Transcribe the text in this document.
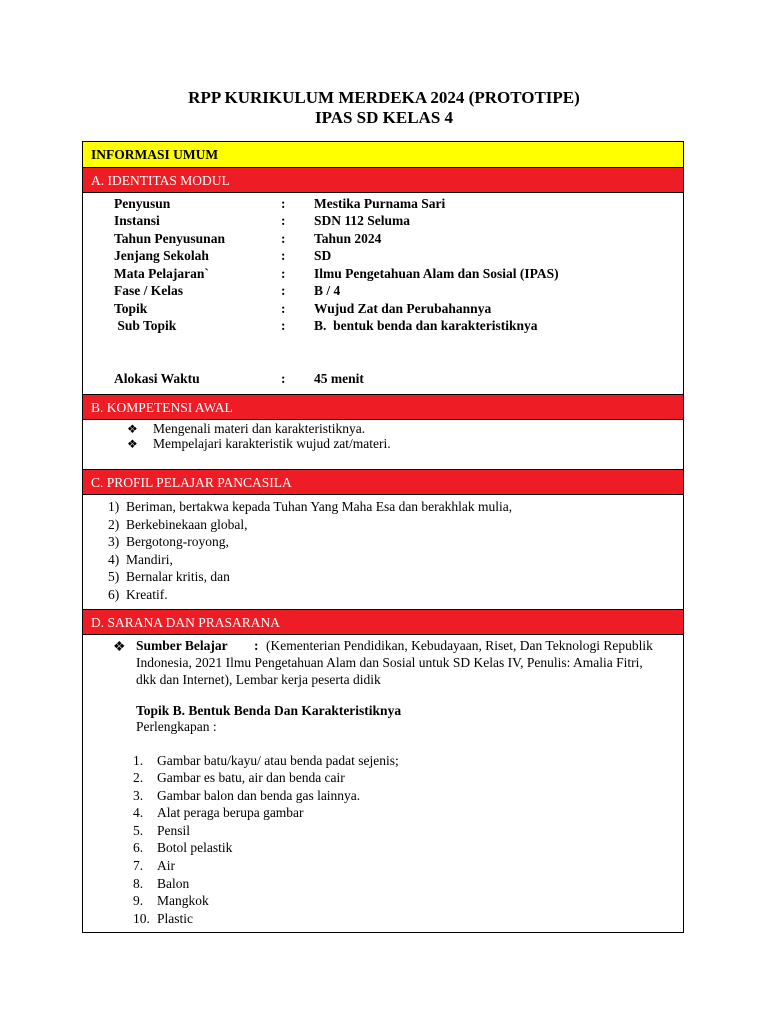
RPP KURIKULUM MERDEKA 2024 (PROTOTIPE)
IPAS SD KELAS 4
INFORMASI UMUM
A. IDENTITAS MODUL
Penyusun	: Mestika Purnama Sari
Instansi	: SDN 112 Seluma
Tahun Penyusunan	: Tahun 2024
Jenjang Sekolah	: SD
Mata Pelajaran`	: Ilmu Pengetahuan Alam dan Sosial (IPAS)
Fase / Kelas	: B / 4
Topik	: Wujud Zat dan Perubahannya
Sub Topik	: B.  bentuk benda dan karakteristiknya
Alokasi Waktu	: 45 menit
B. KOMPETENSI AWAL
❖ Mengenali materi dan karakteristiknya.
❖ Mempelajari karakteristik wujud zat/materi.
C. PROFIL PELAJAR PANCASILA
1)  Beriman, bertakwa kepada Tuhan Yang Maha Esa dan berakhlak mulia,
2)  Berkebinekaan global,
3)  Bergotong-royong,
4)  Mandiri,
5)  Bernalar kritis, dan
6)  Kreatif.
D. SARANA DAN PRASARANA
❖ Sumber Belajar : (Kementerian Pendidikan, Kebudayaan, Riset, Dan Teknologi Republik
Indonesia, 2021 Ilmu Pengetahuan Alam dan Sosial untuk SD Kelas IV, Penulis: Amalia Fitri,
dkk dan Internet), Lembar kerja peserta didik
Topik B. Bentuk Benda Dan Karakteristiknya
Perlengkapan :
1. Gambar batu/kayu/ atau benda padat sejenis;
2. Gambar es batu, air dan benda cair
3. Gambar balon dan benda gas lainnya.
4. Alat peraga berupa gambar
5. Pensil
6. Botol pelastik
7. Air
8. Balon
9. Mangkok
10. Plastic
